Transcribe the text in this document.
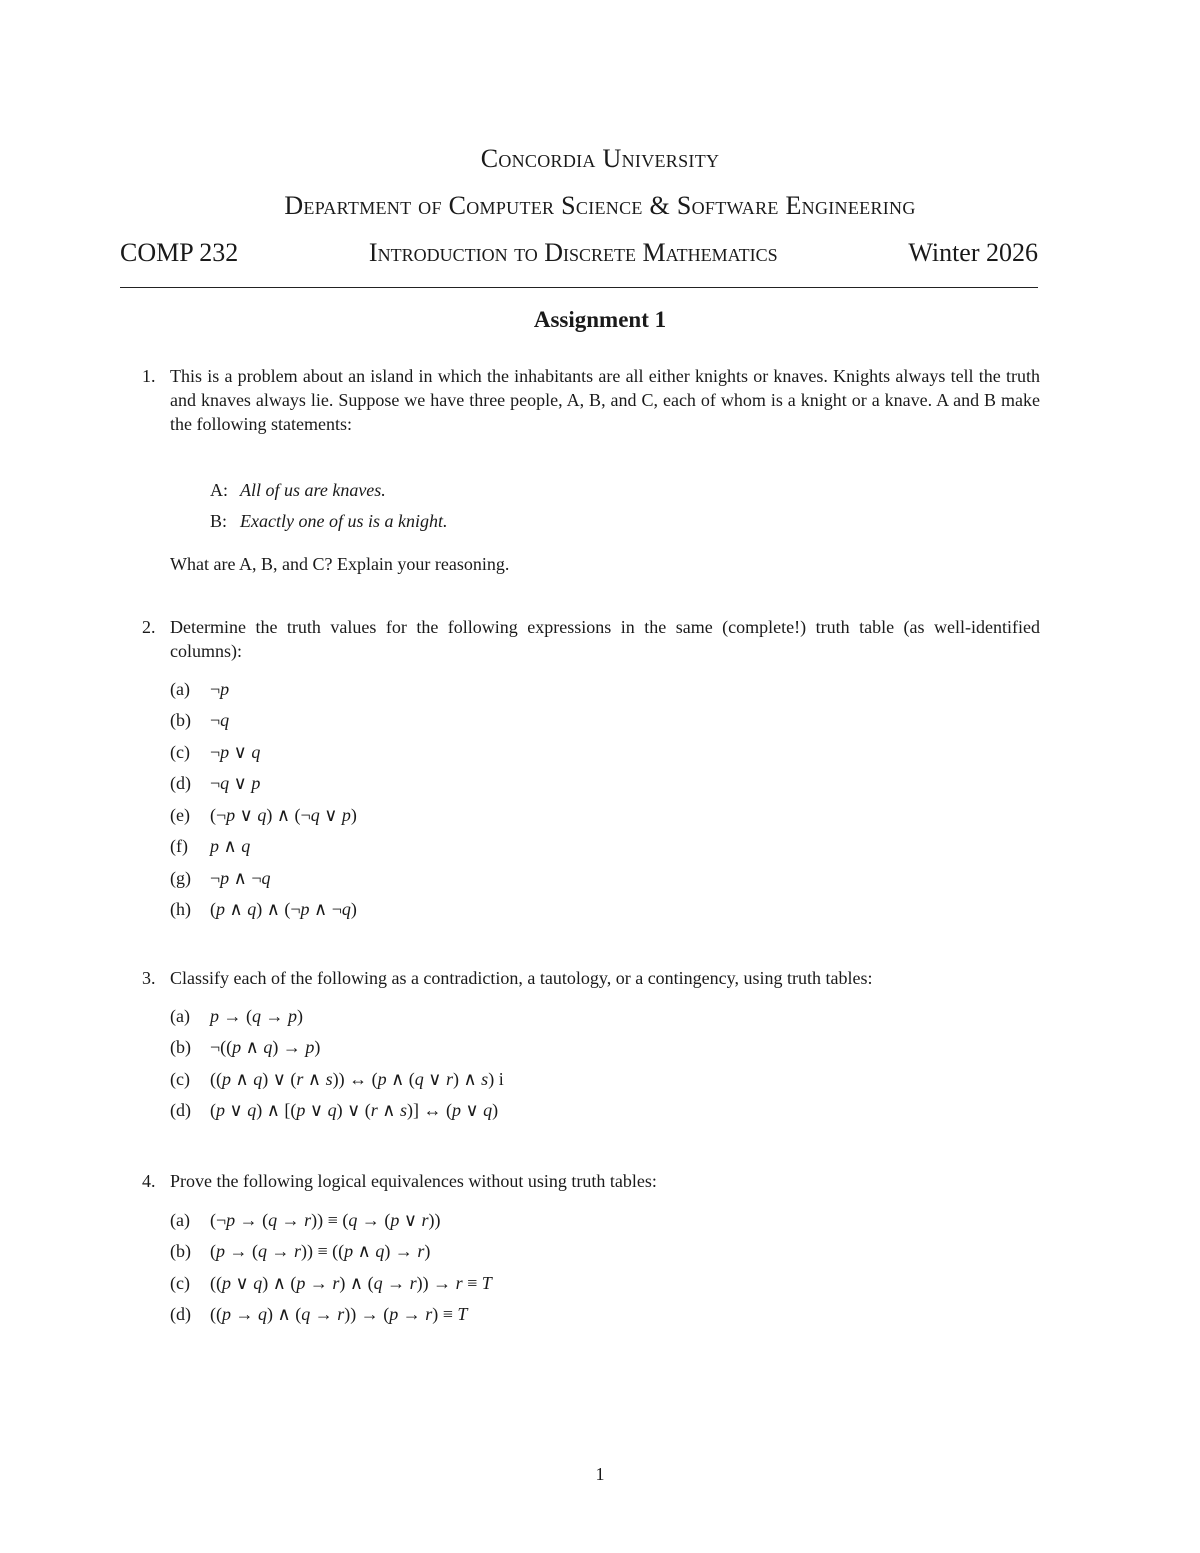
Concordia University
Department of Computer Science & Software Engineering
COMP 232	Introduction to Discrete Mathematics	Winter 2026
Assignment 1
1. This is a problem about an island in which the inhabitants are all either knights or knaves. Knights always tell the truth and knaves always lie. Suppose we have three people, A, B, and C, each of whom is a knight or a knave. A and B make the following statements:
A: All of us are knaves.
B: Exactly one of us is a knight.
What are A, B, and C? Explain your reasoning.
2. Determine the truth values for the following expressions in the same (complete!) truth table (as well-identified columns):
(a) ¬p
(b) ¬q
(c) ¬p ∨ q
(d) ¬q ∨ p
(e) (¬p ∨ q) ∧ (¬q ∨ p)
(f) p ∧ q
(g) ¬p ∧ ¬q
(h) (p ∧ q) ∧ (¬p ∧ ¬q)
3. Classify each of the following as a contradiction, a tautology, or a contingency, using truth tables:
(a) p → (q → p)
(b) ¬((p ∧ q) → p)
(c) ((p ∧ q) ∨ (r ∧ s)) ↔ (p ∧ (q ∨ r) ∧ s) i
(d) (p ∨ q) ∧ [(p ∨ q) ∨ (r ∧ s)] ↔ (p ∨ q)
4. Prove the following logical equivalences without using truth tables:
(a) (¬p → (q → r)) ≡ (q → (p ∨ r))
(b) (p → (q → r)) ≡ ((p ∧ q) → r)
(c) ((p ∨ q) ∧ (p → r) ∧ (q → r)) → r ≡ T
(d) ((p → q) ∧ (q → r)) → (p → r) ≡ T
1
